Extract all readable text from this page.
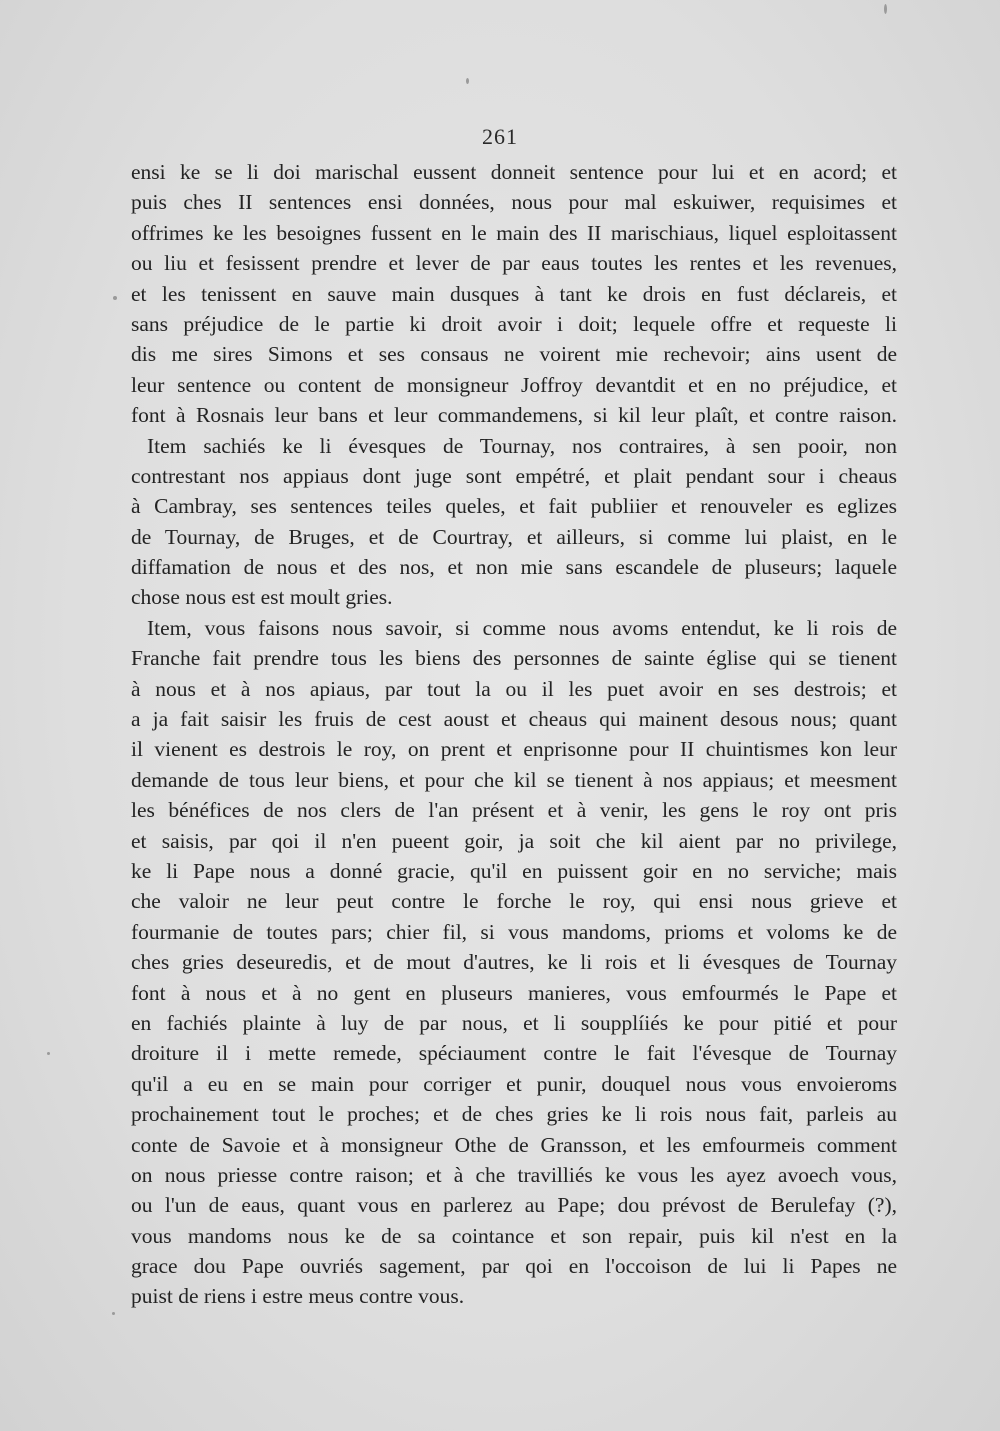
261
ensi ke se li doi marischal eussent donneit sentence pour lui et en acord; et
puis ches II sentences ensi données, nous pour mal eskuiwer, requisimes et
offrimes ke les besoignes fussent en le main des II marischiaus, liquel esploitassent
ou liu et fesissent prendre et lever de par eaus toutes les rentes et les revenues,
et les tenissent en sauve main dusques à tant ke drois en fust déclareis, et
sans préjudice de le partie ki droit avoir i doit; lequele offre et requeste li
dis me sires Simons et ses consaus ne voirent mie rechevoir; ains usent de
leur sentence ou content de monsigneur Joffroy devantdit et en no préjudice, et
font à Rosnais leur bans et leur commandemens, si kil leur plaît, et contre raison.
Item sachiés ke li évesques de Tournay, nos contraires, à sen pooir, non
contrestant nos appiaus dont juge sont empétré, et plait pendant sour i cheaus
à Cambray, ses sentences teiles queles, et fait publiier et renouveler es eglizes
de Tournay, de Bruges, et de Courtray, et ailleurs, si comme lui plaist, en le
diffamation de nous et des nos, et non mie sans escandele de pluseurs; laquele
chose nous est est moult gries.
Item, vous faisons nous savoir, si comme nous avoms entendut, ke li rois de
Franche fait prendre tous les biens des personnes de sainte église qui se tienent
à nous et à nos apiaus, par tout la ou il les puet avoir en ses destrois; et
a ja fait saisir les fruis de cest aoust et cheaus qui mainent desous nous; quant
il vienent es destrois le roy, on prent et enprisonne pour II chuintismes kon leur
demande de tous leur biens, et pour che kil se tienent à nos appiaus; et meesment
les bénéfices de nos clers de l'an présent et à venir, les gens le roy ont pris
et saisis, par qoi il n'en pueent goir, ja soit che kil aient par no privilege,
ke li Pape nous a donné gracie, qu'il en puissent goir en no serviche; mais
che valoir ne leur peut contre le forche le roy, qui ensi nous grieve et
fourmanie de toutes pars; chier fil, si vous mandoms, prioms et voloms ke de
ches gries deseuredis, et de mout d'autres, ke li rois et li évesques de Tournay
font à nous et à no gent en pluseurs manieres, vous emfourmés le Pape et
en fachiés plainte à luy de par nous, et li soupplíiés ke pour pitié et pour
droiture il i mette remede, spéciaument contre le fait l'évesque de Tournay
qu'il a eu en se main pour corriger et punir, douquel nous vous envoieroms
prochainement tout le proches; et de ches gries ke li rois nous fait, parleis au
conte de Savoie et à monsigneur Othe de Gransson, et les emfourmeis comment
on nous priesse contre raison; et à che travilliés ke vous les ayez avoech vous,
ou l'un de eaus, quant vous en parlerez au Pape; dou prévost de Berulefay (?),
vous mandoms nous ke de sa cointance et son repair, puis kil n'est en la
grace dou Pape ouvriés sagement, par qoi en l'occoison de lui li Papes ne
puist de riens i estre meus contre vous.
